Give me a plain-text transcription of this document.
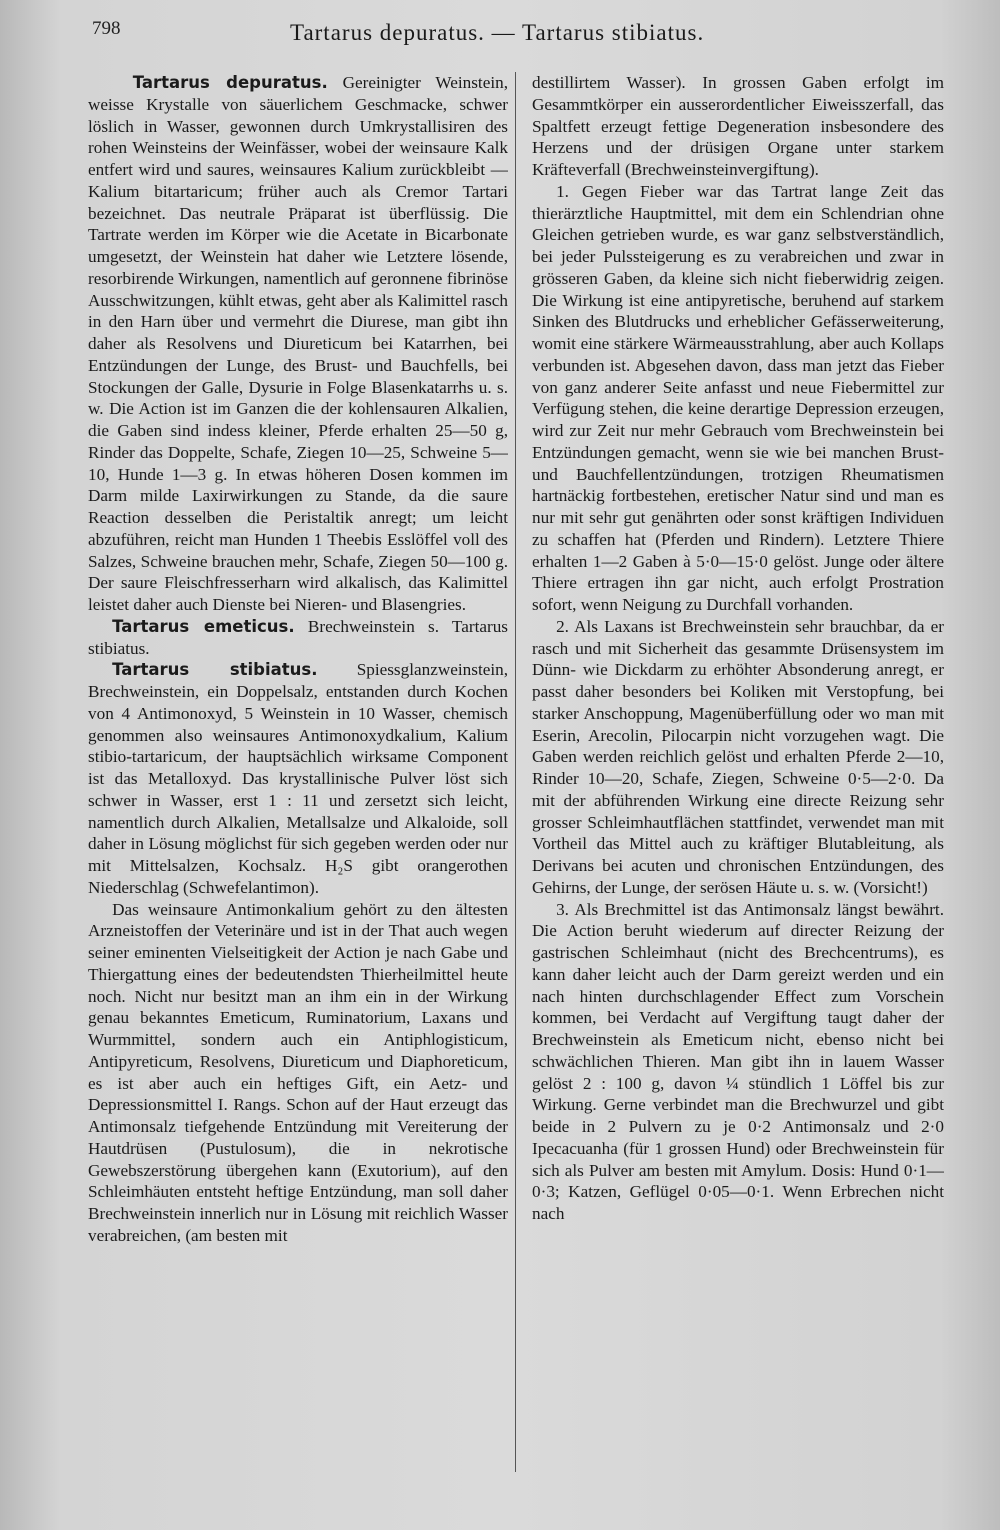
798	Tartarus depuratus. — Tartarus stibiatus.

Tartarus depuratus. Gereinigter Weinstein, weisse Krystalle von säuerlichem Geschmacke, schwer löslich in Wasser, gewonnen durch Umkrystallisiren des rohen Weinsteins der Weinfässer, wobei der weinsaure Kalk entfert wird und saures, weinsaures Kalium zurückbleibt — Kalium bitartaricum; früher auch als Cremor Tartari bezeichnet. Das neutrale Präparat ist überflüssig. Die Tartrate werden im Körper wie die Acetate in Bicarbonate umgesetzt, der Weinstein hat daher wie Letztere lösende, resorbirende Wirkungen, namentlich auf geronnene fibrinöse Ausschwitzungen, kühlt etwas, geht aber als Kalimittel rasch in den Harn über und vermehrt die Diurese, man gibt ihn daher als Resolvens und Diureticum bei Katarrhen, bei Entzündungen der Lunge, des Brust- und Bauchfells, bei Stockungen der Galle, Dysurie in Folge Blasenkatarrhs u. s. w. Die Action ist im Ganzen die der kohlensauren Alkalien, die Gaben sind indess kleiner, Pferde erhalten 25—50 g, Rinder das Doppelte, Schafe, Ziegen 10—25, Schweine 5—10, Hunde 1—3 g. In etwas höheren Dosen kommen im Darm milde Laxirwirkungen zu Stande, da die saure Reaction desselben die Peristaltik anregt; um leicht abzuführen, reicht man Hunden 1 Theebis Esslöffel voll des Salzes, Schweine brauchen mehr, Schafe, Ziegen 50—100 g. Der saure Fleischfresserharn wird alkalisch, das Kalimittel leistet daher auch Dienste bei Nieren- und Blasengries.

Tartarus emeticus. Brechweinstein s. Tartarus stibiatus.

Tartarus stibiatus. Spiessglanzweinstein, Brechweinstein, ein Doppelsalz, entstanden durch Kochen von 4 Antimonoxyd, 5 Weinstein in 10 Wasser, chemisch genommen also weinsaures Antimonoxydkalium, Kalium stibio-tartaricum, der hauptsächlich wirksame Component ist das Metalloxyd. Das krystallinische Pulver löst sich schwer in Wasser, erst 1 : 11 und zersetzt sich leicht, namentlich durch Alkalien, Metallsalze und Alkaloide, soll daher in Lösung möglichst für sich gegeben werden oder nur mit Mittelsalzen, Kochsalz. H₂S gibt orangerothen Niederschlag (Schwefelantimon).

Das weinsaure Antimonkalium gehört zu den ältesten Arzneistoffen der Veterinäre und ist in der That auch wegen seiner eminenten Vielseitigkeit der Action je nach Gabe und Thiergattung eines der bedeutendsten Thierheilmittel heute noch. Nicht nur besitzt man an ihm ein in der Wirkung genau bekanntes Emeticum, Ruminatorium, Laxans und Wurmmittel, sondern auch ein Antiphlogisticum, Antipyreticum, Resolvens, Diureticum und Diaphoreticum, es ist aber auch ein heftiges Gift, ein Aetz- und Depressionsmittel I. Rangs. Schon auf der Haut erzeugt das Antimonsalz tiefgehende Entzündung mit Vereiterung der Hautdrüsen (Pustulosum), die in nekrotische Gewebszerstörung übergehen kann (Exutorium), auf den Schleimhäuten entsteht heftige Entzündung, man soll daher Brechweinstein innerlich nur in Lösung mit reichlich Wasser verabreichen, (am besten mit

destillirtem Wasser). In grossen Gaben erfolgt im Gesammtkörper ein ausserordentlicher Eiweisszerfall, das Spaltfett erzeugt fettige Degeneration insbesondere des Herzens und der drüsigen Organe unter starkem Kräfteverfall (Brechweinsteinvergiftung).

1. Gegen Fieber war das Tartrat lange Zeit das thierärztliche Hauptmittel, mit dem ein Schlendrian ohne Gleichen getrieben wurde, es war ganz selbstverständlich, bei jeder Pulssteigerung es zu verabreichen und zwar in grösseren Gaben, da kleine sich nicht fieberwidrig zeigen. Die Wirkung ist eine antipyretische, beruhend auf starkem Sinken des Blutdrucks und erheblicher Gefässerweiterung, womit eine stärkere Wärmeausstrahlung, aber auch Kollaps verbunden ist. Abgesehen davon, dass man jetzt das Fieber von ganz anderer Seite anfasst und neue Fiebermittel zur Verfügung stehen, die keine derartige Depression erzeugen, wird zur Zeit nur mehr Gebrauch vom Brechweinstein bei Entzündungen gemacht, wenn sie wie bei manchen Brust- und Bauchfellentzündungen, trotzigen Rheumatismen hartnäckig fortbestehen, eretischer Natur sind und man es nur mit sehr gut genährten oder sonst kräftigen Individuen zu schaffen hat (Pferden und Rindern). Letztere Thiere erhalten 1—2 Gaben à 5·0—15·0 gelöst. Junge oder ältere Thiere ertragen ihn gar nicht, auch erfolgt Prostration sofort, wenn Neigung zu Durchfall vorhanden.

2. Als Laxans ist Brechweinstein sehr brauchbar, da er rasch und mit Sicherheit das gesammte Drüsensystem im Dünn- wie Dickdarm zu erhöhter Absonderung anregt, er passt daher besonders bei Koliken mit Verstopfung, bei starker Anschoppung, Magenüberfüllung oder wo man mit Eserin, Arecolin, Pilocarpin nicht vorzugehen wagt. Die Gaben werden reichlich gelöst und erhalten Pferde 2—10, Rinder 10—20, Schafe, Ziegen, Schweine 0·5—2·0. Da mit der abführenden Wirkung eine directe Reizung sehr grosser Schleimhautflächen stattfindet, verwendet man mit Vortheil das Mittel auch zu kräftiger Blutableitung, als Derivans bei acuten und chronischen Entzündungen, des Gehirns, der Lunge, der serösen Häute u. s. w. (Vorsicht!)

3. Als Brechmittel ist das Antimonsalz längst bewährt. Die Action beruht wiederum auf directer Reizung der gastrischen Schleimhaut (nicht des Brechcentrums), es kann daher leicht auch der Darm gereizt werden und ein nach hinten durchschlagender Effect zum Vorschein kommen, bei Verdacht auf Vergiftung taugt daher der Brechweinstein als Emeticum nicht, ebenso nicht bei schwächlichen Thieren. Man gibt ihn in lauem Wasser gelöst 2 : 100 g, davon ¼ stündlich 1 Löffel bis zur Wirkung. Gerne verbindet man die Brechwurzel und gibt beide in 2 Pulvern zu je 0·2 Antimonsalz und 2·0 Ipecacuanha (für 1 grossen Hund) oder Brechweinstein für sich als Pulver am besten mit Amylum. Dosis: Hund 0·1—0·3; Katzen, Geflügel 0·05—0·1. Wenn Erbrechen nicht nach
